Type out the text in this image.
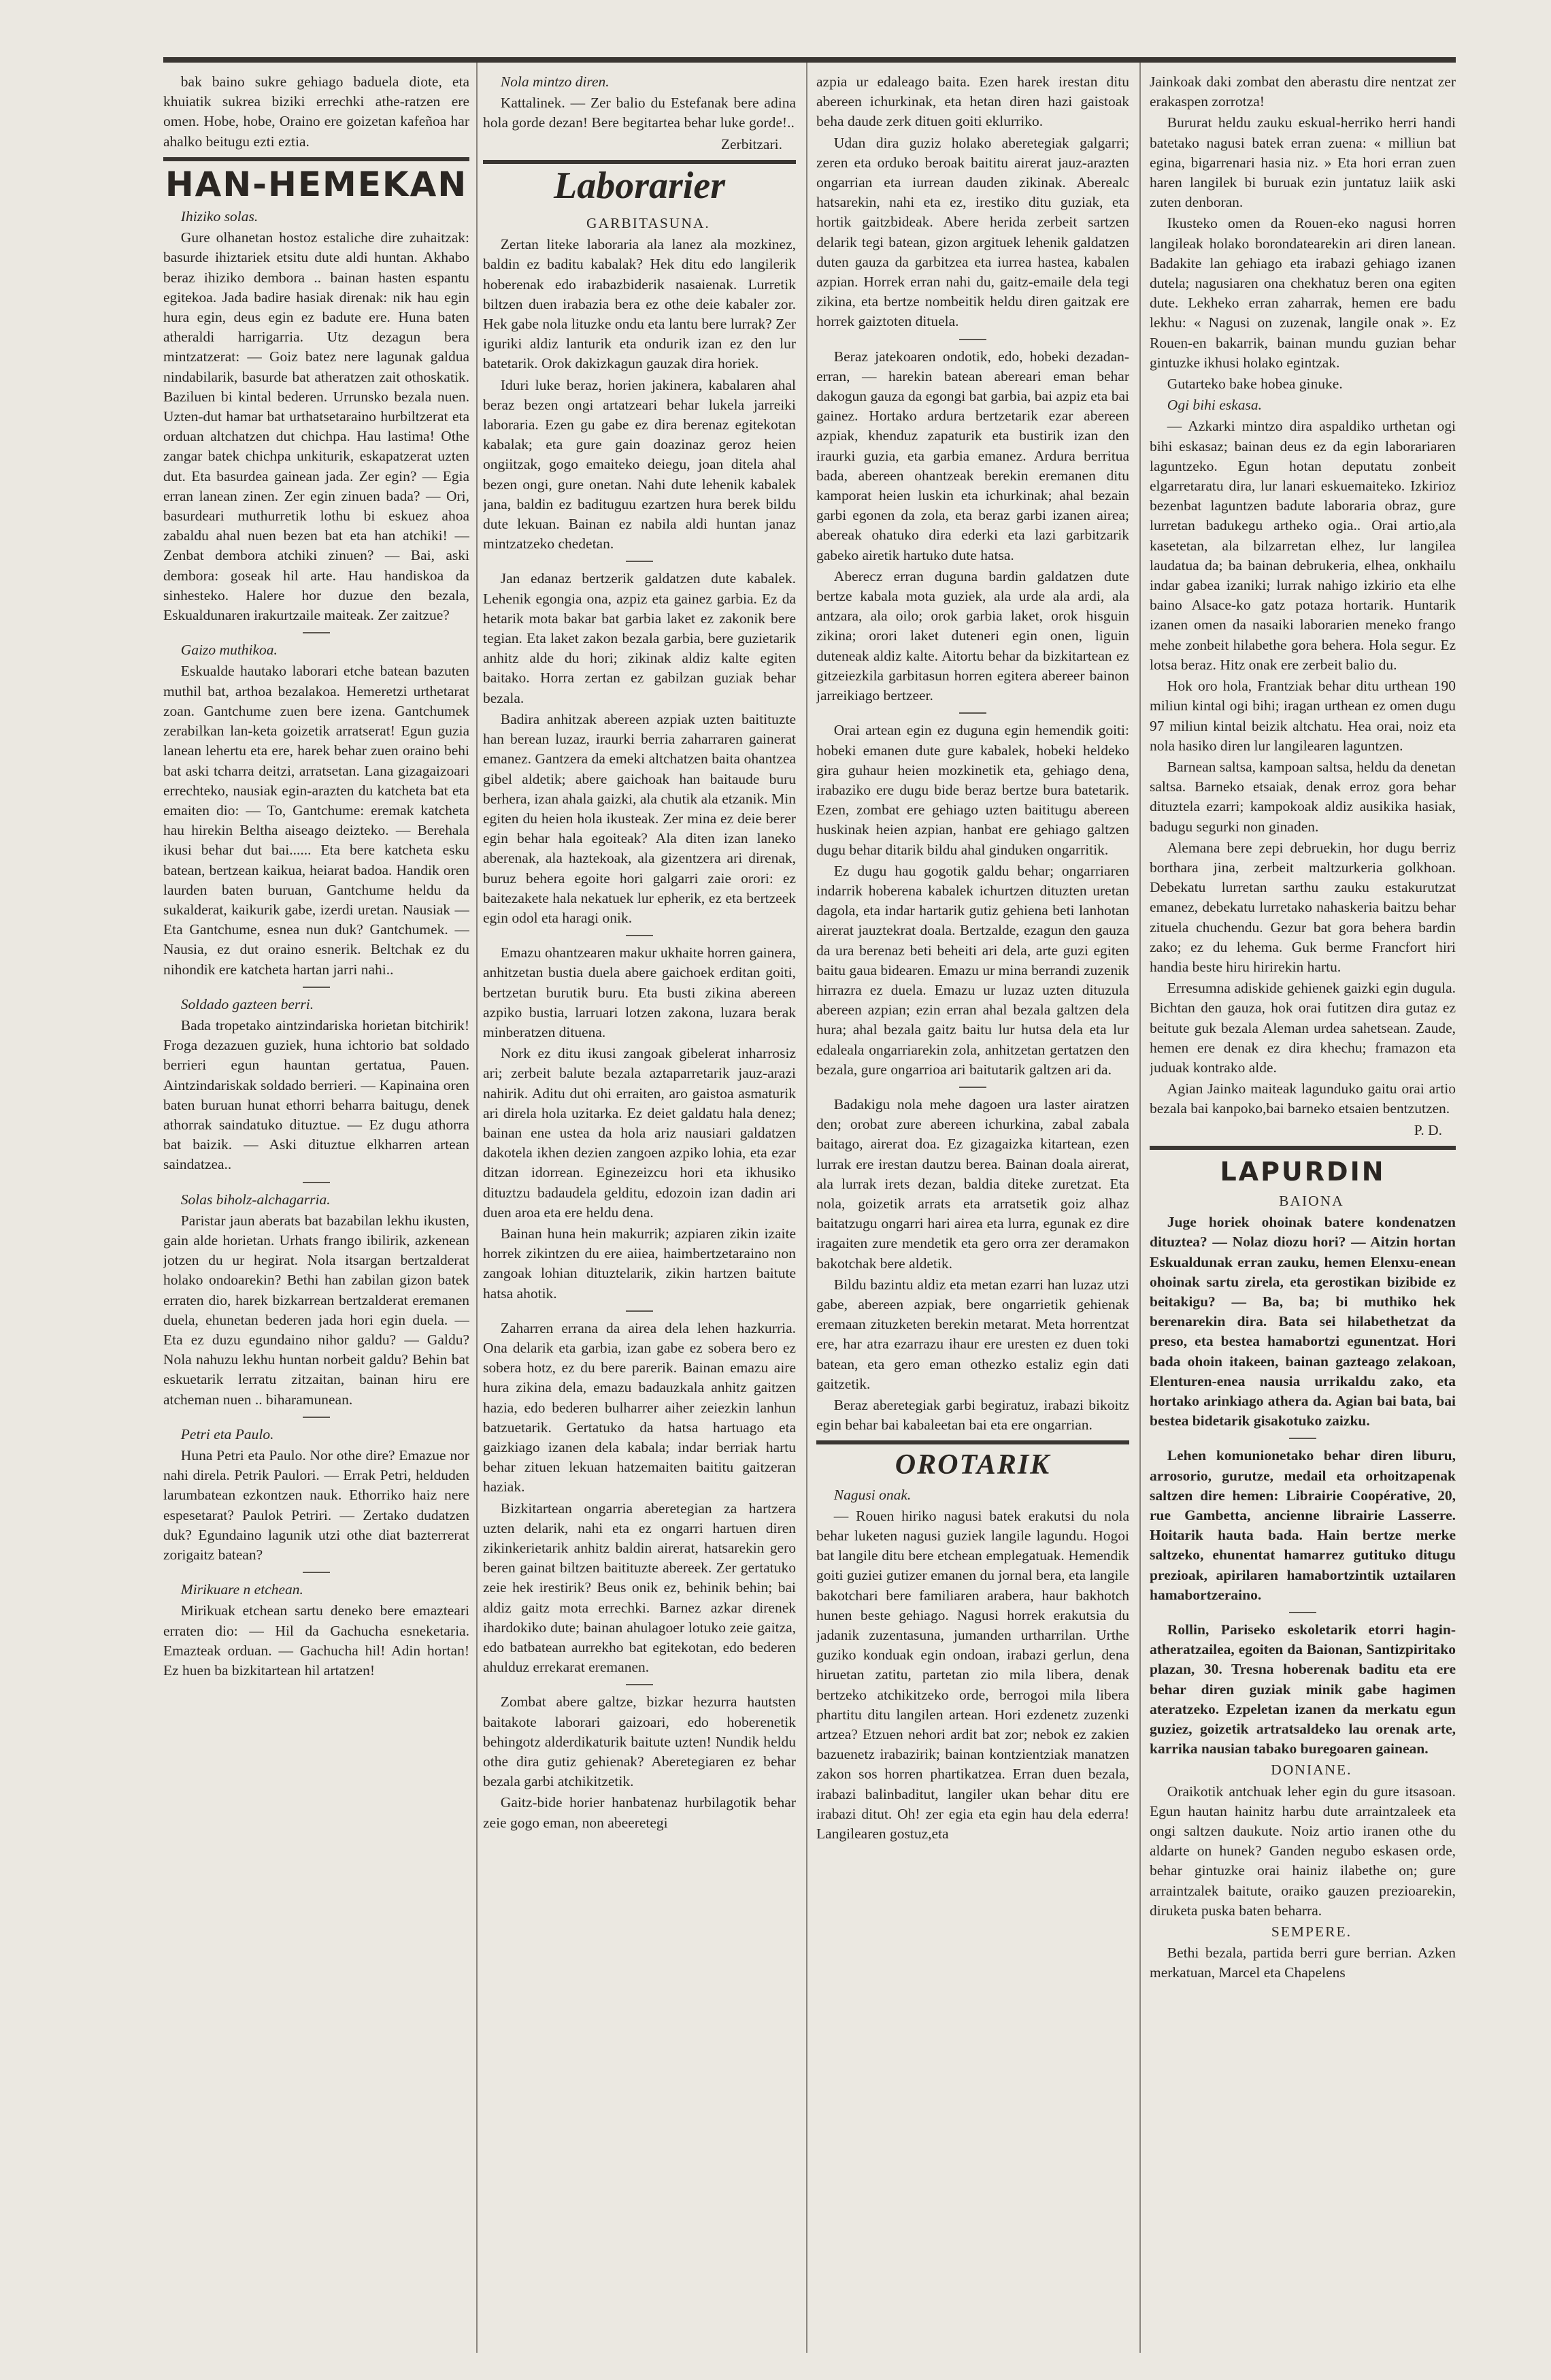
bak baino sukre gehiago baduela diote, eta khuiatik sukrea biziki errechki athe-ratzen ere omen. Hobe, hobe, Oraino ere goizetan kafeñoa har ahalko beitugu ezti eztia.

HAN-HEMEKAN

Ihiziko solas.

Gure olhanetan hostoz estaliche dire zuhaitzak: basurde ihiztariek etsitu dute aldi huntan. Akhabo beraz ihiziko dembora .. bainan hasten espantu egitekoa. Jada badire hasiak direnak: nik hau egin hura egin, deus egin ez badute ere. Huna baten atheraldi harrigarria. Utz dezagun bera mintzatzerat: — Goiz batez nere lagunak galdua nindabilarik, basurde bat atheratzen zait othoskatik. Baziluen bi kintal bederen. Urrunsko bezala nuen. Uzten-dut hamar bat urthatsetaraino hurbiltzerat eta orduan altchatzen dut chichpa. Hau lastima! Othe zangar batek chichpa unkiturik, eskapatzerat uzten dut. Eta basurdea gainean jada. Zer egin? — Egia erran lanean zinen. Zer egin zinuen bada? — Ori, basurdeari muthurretik lothu bi eskuez ahoa zabaldu ahal nuen bezen bat eta han atchiki! — Zenbat dembora atchiki zinuen? — Bai, aski dembora: goseak hil arte. Hau handiskoa da sinhesteko. Halere hor duzue den bezala, Eskualdunaren irakurtzaile maiteak. Zer zaitzue?

Gaizo muthikoa.

Eskualde hautako laborari etche batean bazuten muthil bat, arthoa bezalakoa. Hemeretzi urthetarat zoan. Gantchume zuen bere izena. Gantchumek zerabilkan lan-keta goizetik arratserat! Egun guzia lanean lehertu eta ere, harek behar zuen oraino behi bat aski tcharra deitzi, arratsetan. Lana gizagaizoari errechteko, nausiak egin-arazten du katcheta bat eta emaiten dio: — To, Gantchume: eremak katcheta hau hirekin Beltha aiseago deizteko. — Berehala ikusi behar dut bai...... Eta bere katcheta esku batean, bertzean kaikua, heiarat badoa. Handik oren laurden baten buruan, Gantchume heldu da sukalderat, kaikurik gabe, izerdi uretan. Nausiak — Eta Gantchume, esnea nun duk? Gantchumek. — Nausia, ez dut oraino esnerik. Beltchak ez du nihondik ere katcheta hartan jarri nahi..

Soldado gazteen berri.

Bada tropetako aintzindariska horietan bitchirik! Froga dezazuen guziek, huna ichtorio bat soldado berrieri egun hauntan gertatua, Pauen. Aintzindariskak soldado berrieri. — Kapinaina oren baten buruan hunat ethorri beharra baitugu, denek athorrak saindatuko dituztue. — Ez dugu athorra bat baizik. — Aski dituztue elkharren artean saindatzea..

Solas biholz-alchagarria.

Paristar jaun aberats bat bazabilan lekhu ikusten, gain alde horietan. Urhats frango ibilirik, azkenean jotzen du ur hegirat. Nola itsargan bertzalderat holako ondoarekin? Bethi han zabilan gizon batek erraten dio, harek bizkarrean bertzalderat eremanen duela, ehunetan bederen jada hori egin duela. — Eta ez duzu egundaino nihor galdu? — Galdu? Nola nahuzu lekhu huntan norbeit galdu? Behin bat eskuetarik lerratu zitzaitan, bainan hiru ere atcheman nuen .. biharamunean.

Petri eta Paulo.

Huna Petri eta Paulo. Nor othe dire? Emazue nor nahi direla. Petrik Paulori. — Errak Petri, helduden larumbatean ezkontzen nauk. Ethorriko haiz nere espesetarat? Paulok Petriri. — Zertako dudatzen duk? Egundaino lagunik utzi othe diat bazterrerat zorigaitz batean?

Mirikuare n etchean.

Mirikuak etchean sartu deneko bere emazteari erraten dio: — Hil da Gachucha esneketaria. Emazteak orduan. — Gachucha hil! Adin hortan! Ez huen ba bizkitartean hil artatzen!

Nola mintzo diren.

Kattalinek. — Zer balio du Estefanak bere adina hola gorde dezan! Bere begitartea behar luke gorde!..

Zerbitzari.

Laborarier

GARBITASUNA.

Zertan liteke laboraria ala lanez ala mozkinez, baldin ez baditu kabalak? Hek ditu edo langilerik hoberenak edo irabazbiderik nasaienak. Lurretik biltzen duen irabazia bera ez othe deie kabaler zor. Hek gabe nola lituzke ondu eta lantu bere lurrak? Zer iguriki aldiz lanturik eta ondurik izan ez den lur batetarik. Orok dakizkagun gauzak dira horiek.

Iduri luke beraz, horien jakinera, kabalaren ahal beraz bezen ongi artatzeari behar lukela jarreiki laboraria. Ezen gu gabe ez dira berenaz egitekotan kabalak; eta gure gain doazinaz geroz heien ongiitzak, gogo emaiteko deiegu, joan ditela ahal bezen ongi, gure onetan. Nahi dute lehenik kabalek jana, baldin ez badituguu ezartzen hura berek bildu dute lekuan. Bainan ez nabila aldi huntan janaz mintzatzeko chedetan.

Jan edanaz bertzerik galdatzen dute kabalek. Lehenik egongia ona, azpiz eta gainez garbia. Ez da hetarik mota bakar bat garbia laket ez zakonik bere tegian. Eta laket zakon bezala garbia, bere guzietarik anhitz alde du hori; zikinak aldiz kalte egiten baitako. Horra zertan ez gabilzan guziak behar bezala.

Badira anhitzak abereen azpiak uzten baitituzte han berean luzaz, iraurki berria zaharraren gainerat emanez. Gantzera da emeki altchatzen baita ohantzea gibel aldetik; abere gaichoak han baitaude buru berhera, izan ahala gaizki, ala chutik ala etzanik. Min egiten du heien hola ikusteak. Zer mina ez deie berer egin behar hala egoiteak? Ala diten izan laneko aberenak, ala haztekoak, ala gizentzera ari direnak, buruz behera egoite hori galgarri zaie orori: ez baitezakete hala nekatuek lur epherik, ez eta bertzeek egin odol eta haragi onik.

Emazu ohantzearen makur ukhaite horren gainera, anhitzetan bustia duela abere gaichoek erditan goiti, bertzetan burutik buru. Eta busti zikina abereen azpiko bustia, larruari lotzen zakona, luzara berak minberatzen dituena.

Nork ez ditu ikusi zangoak gibelerat inharrosiz ari; zerbeit balute bezala aztaparretarik jauz-arazi nahirik. Aditu dut ohi erraiten, aro gaistoa asmaturik ari direla hola uzitarka. Ez deiet galdatu hala denez; bainan ene ustea da hola ariz nausiari galdatzen dakotela ikhen dezien zangoen azpiko lohia, eta ezar ditzan idorrean. Eginezeizcu hori eta ikhusiko dituztzu badaudela gelditu, edozoin izan dadin ari duen aroa eta ere heldu dena.

Bainan huna hein makurrik; azpiaren zikin izaite horrek zikintzen du ere aiiea, haimbertzetaraino non zangoak lohian dituztelarik, zikin hartzen baitute hatsa ahotik.

Zaharren errana da airea dela lehen hazkurria. Ona delarik eta garbia, izan gabe ez sobera bero ez sobera hotz, ez du bere parerik. Bainan emazu aire hura zikina dela, emazu badauzkala anhitz gaitzen hazia, edo bederen bulharrer aiher zeiezkin lanhun batzuetarik. Gertatuko da hatsa hartuago eta gaizkiago izanen dela kabala; indar berriak hartu behar zituen lekuan hatzemaiten baititu gaitzeran haziak.

Bizkitartean ongarria aberetegian za hartzera uzten delarik, nahi eta ez ongarri hartuen diren zikinkerietarik anhitz baldin airerat, hatsarekin gero beren gainat biltzen baitituzte abereek. Zer gertatuko zeie hek irestirik? Beus onik ez, behinik behin; bai aldiz gaitz mota errechki. Barnez azkar direnek ihardokiko dute; bainan ahulagoer lotuko zeie gaitza, edo batbatean aurrekho bat egitekotan, edo bederen ahulduz errekarat eremanen.

Zombat abere galtze, bizkar hezurra hautsten baitakote laborari gaizoari, edo hoberenetik behingotz alderdikaturik baitute uzten! Nundik heldu othe dira gutiz gehienak? Aberetegiaren ez behar bezala garbi atchikitzetik.

Gaitz-bide horier hanbatenaz hurbilagotik behar zeie gogo eman, non abeeretegi

azpia ur edaleago baita. Ezen harek irestan ditu abereen ichurkinak, eta hetan diren hazi gaistoak beha daude zerk dituen goiti eklurriko.

Udan dira guziz holako aberetegiak galgarri; zeren eta orduko beroak baititu airerat jauz-arazten ongarrian eta iurrean dauden zikinak. Aberealc hatsarekin, nahi eta ez, irestiko ditu guziak, eta hortik gaitzbideak. Abere herida zerbeit sartzen delarik tegi batean, gizon argituek lehenik galdatzen duten gauza da garbitzea eta iurrea hastea, kabalen azpian. Horrek erran nahi du, gaitz-emaile dela tegi zikina, eta bertze nombeitik heldu diren gaitzak ere horrek gaiztoten dituela.

Beraz jatekoaren ondotik, edo, hobeki dezadan-erran, — harekin batean abereari eman behar dakogun gauza da egongi bat garbia, bai azpiz eta bai gainez. Hortako ardura bertzetarik ezar abereen azpiak, khenduz zapaturik eta bustirik izan den iraurki guzia, eta garbia emanez. Ardura berritua bada, abereen ohantzeak berekin eremanen ditu kamporat heien luskin eta ichurkinak; ahal bezain garbi egonen da zola, eta beraz garbi izanen airea; abereak ohatuko dira ederki eta lazi garbitzarik gabeko airetik hartuko dute hatsa.

Aberecz erran duguna bardin galdatzen dute bertze kabala mota guziek, ala urde ala ardi, ala antzara, ala oilo; orok garbia laket, orok hisguin zikina; orori laket duteneri egin onen, liguin duteneak aldiz kalte. Aitortu behar da bizkitartean ez gitzeiezkila garbitasun horren egitera abereer bainon jarreikiago bertzeer.

Orai artean egin ez duguna egin hemendik goiti: hobeki emanen dute gure kabalek, hobeki heldeko gira guhaur heien mozkinetik eta, gehiago dena, irabaziko ere dugu bide beraz bertze bura batetarik. Ezen, zombat ere gehiago uzten baititugu abereen huskinak heien azpian, hanbat ere gehiago galtzen dugu behar ditarik bildu ahal ginduken ongarritik.

Ez dugu hau gogotik galdu behar; ongarriaren indarrik hoberena kabalek ichurtzen dituzten uretan dagola, eta indar hartarik gutiz gehiena beti lanhotan airerat jauztekrat doala. Bertzalde, ezagun den gauza da ura berenaz beti beheiti ari dela, arte guzi egiten baitu gaua bidearen. Emazu ur mina berrandi zuzenik hirrazra ez duela. Emazu ur luzaz uzten dituzula abereen azpian; ezin erran ahal bezala galtzen dela hura; ahal bezala gaitz baitu lur hutsa dela eta lur edaleala ongarriarekin zola, anhitzetan gertatzen den bezala, gure ongarrioa ari baitutarik galtzen ari da.

Badakigu nola mehe dagoen ura laster airatzen den; orobat zure abereen ichurkina, zabal zabala baitago, airerat doa. Ez gizagaizka kitartean, ezen lurrak ere irestan dautzu berea. Bainan doala airerat, ala lurrak irets dezan, baldia diteke zuretzat. Eta nola, goizetik arrats eta arratsetik goiz alhaz baitatzugu ongarri hari airea eta lurra, egunak ez dire iragaiten zure mendetik eta gero orra zer deramakon bakotchak bere aldetik.

Bildu bazintu aldiz eta metan ezarri han luzaz utzi gabe, abereen azpiak, bere ongarrietik gehienak eremaan zituzketen berekin metarat. Meta horrentzat ere, har atra ezarrazu ihaur ere uresten ez duen toki batean, eta gero eman othezko estaliz egin dati gaitzetik.

Beraz aberetegiak garbi begiratuz, irabazi bikoitz egin behar bai kabaleetan bai eta ere ongarrian.

OROTARIK

Nagusi onak.

— Rouen hiriko nagusi batek erakutsi du nola behar luketen nagusi guziek langile lagundu. Hogoi bat langile ditu bere etchean emplegatuak. Hemendik goiti guziei gutizer emanen du jornal bera, eta langile bakotchari bere familiaren arabera, haur bakhotch hunen beste gehiago. Nagusi horrek erakutsia du jadanik zuzentasuna, jumanden urtharrilan. Urthe guziko konduak egin ondoan, irabazi gerlun, dena hiruetan zatitu, partetan zio mila libera, denak bertzeko atchikitzeko orde, berrogoi mila libera phartitu ditu langilen artean. Hori ezdenetz zuzenki artzea? Etzuen nehori ardit bat zor; nebok ez zakien bazuenetz irabazirik; bainan kontzientziak manatzen zakon sos horren phartikatzea. Erran duen bezala, irabazi balinbaditut, langiler ukan behar ditu ere irabazi ditut. Oh! zer egia eta egin hau dela ederra! Langilearen gostuz,eta

Jainkoak daki zombat den aberastu dire nentzat zer erakaspen zorrotza!

Bururat heldu zauku eskual-herriko herri handi batetako nagusi batek erran zuena: « milliun bat egina, bigarrenari hasia niz. » Eta hori erran zuen haren langilek bi buruak ezin juntatuz laiik aski zuten denboran.

Ikusteko omen da Rouen-eko nagusi horren langileak holako borondatearekin ari diren lanean. Badakite lan gehiago eta irabazi gehiago izanen dutela; nagusiaren ona chekhatuz beren ona egiten dute. Lekheko erran zaharrak, hemen ere badu lekhu: « Nagusi on zuzenak, langile onak ». Ez Rouen-en bakarrik, bainan mundu guzian behar gintuzke ikhusi holako egintzak.

Gutarteko bake hobea ginuke.

Ogi bihi eskasa.

— Azkarki mintzo dira aspaldiko urthetan ogi bihi eskasaz; bainan deus ez da egin laborariaren laguntzeko. Egun hotan deputatu zonbeit elgarretaratu dira, lur lanari eskuemaiteko. Izkirioz bezenbat laguntzen badute laboraria obraz, gure lurretan badukegu artheko ogia.. Orai artio,ala kasetetan, ala bilzarretan elhez, lur langilea laudatua da; ba bainan debrukeria, elhea, onkhailu indar gabea izaniki; lurrak nahigo izkirio eta elhe baino Alsace-ko gatz potaza hortarik. Huntarik izanen omen da nasaiki laborarien meneko frango mehe zonbeit hilabethe gora behera. Hola segur. Ez lotsa beraz. Hitz onak ere zerbeit balio du.

Hok oro hola, Frantziak behar ditu urthean 190 miliun kintal ogi bihi; iragan urthean ez omen dugu 97 miliun kintal beizik altchatu. Hea orai, noiz eta nola hasiko diren lur langilearen laguntzen.

Barnean saltsa, kampoan saltsa, heldu da denetan saltsa. Barneko etsaiak, denak erroz gora behar dituztela ezarri; kampokoak aldiz ausikika hasiak, badugu segurki non ginaden.

Alemana bere zepi debruekin, hor dugu berriz borthara jina, zerbeit maltzurkeria golkhoan. Debekatu lurretan sarthu zauku estakurutzat emanez, debekatu lurretako nahaskeria baitzu behar zituela chuchendu. Gezur bat gora behera bardin zako; ez du lehema. Guk berme Francfort hiri handia beste hiru hirirekin hartu.

Erresumna adiskide gehienek gaizki egin dugula. Bichtan den gauza, hok orai futitzen dira gutaz ez beitute guk bezala Aleman urdea sahetsean. Zaude, hemen ere denak ez dira khechu; framazon eta juduak kontrako alde.

Agian Jainko maiteak lagunduko gaitu orai artio bezala bai kanpoko,bai barneko etsaien bentzutzen.

P. D.

LAPURDIN

BAIONA

Juge horiek ohoinak batere kondenatzen dituztea? — Nolaz diozu hori? — Aitzin hortan Eskualdunak erran zauku, hemen Elenxu-enean ohoinak sartu zirela, eta gerostikan bizibide ez beitakigu? — Ba, ba; bi muthiko hek berenarekin dira. Bata sei hilabethetzat da preso, eta bestea hamabortzi egunentzat. Hori bada ohoin itakeen, bainan gazteago zelakoan, Elenturen-enea nausia urrikaldu zako, eta hortako arinkiago athera da. Agian bai bata, bai bestea bidetarik gisakotuko zaizku.

Lehen komunionetako behar diren liburu, arrosorio, gurutze, medail eta orhoitzapenak saltzen dire hemen: Librairie Coopérative, 20, rue Gambetta, ancienne librairie Lasserre. Hoitarik hauta bada. Hain bertze merke saltzeko, ehunentat hamarrez gutituko ditugu prezioak, apirilaren hamabortzintik uztailaren hamabortzeraino.

Rollin, Pariseko eskoletarik etorri hagin-atheratzailea, egoiten da Baionan, Santizpiritako plazan, 30. Tresna hoberenak baditu eta ere behar diren guziak minik gabe hagimen ateratzeko. Ezpeletan izanen da merkatu egun guziez, goizetik artratsaldeko lau orenak arte, karrika nausian tabako buregoaren gainean.

DONIANE.

Oraikotik antchuak leher egin du gure itsasoan. Egun hautan hainitz harbu dute arraintzaleek eta ongi saltzen daukute. Noiz artio iranen othe du aldarte on hunek? Ganden negubo eskasen orde, behar gintuzke orai hainiz ilabethe on; gure arraintzalek baitute, oraiko gauzen prezioarekin, diruketa puska baten beharra.

SEMPERE.

Bethi bezala, partida berri gure berrian. Azken merkatuan, Marcel eta Chapelens
